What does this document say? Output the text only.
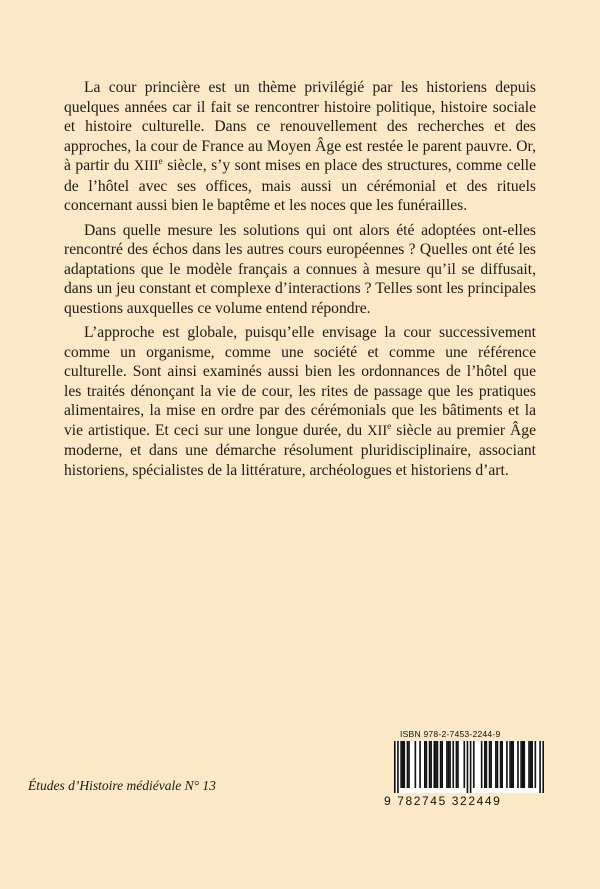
La cour princière est un thème privilégié par les historiens depuis quelques années car il fait se rencontrer histoire politique, histoire sociale et histoire culturelle. Dans ce renouvellement des recherches et des approches, la cour de France au Moyen Âge est restée le parent pauvre. Or, à partir du XIIIe siècle, s’y sont mises en place des structures, comme celle de l’hôtel avec ses offices, mais aussi un cérémonial et des rituels concernant aussi bien le baptême et les noces que les funérailles.

Dans quelle mesure les solutions qui ont alors été adoptées ont-elles rencontré des échos dans les autres cours européennes ? Quelles ont été les adaptations que le modèle français a connues à mesure qu’il se diffusait, dans un jeu constant et complexe d’interactions ? Telles sont les principales questions auxquelles ce volume entend répondre.

L’approche est globale, puisqu’elle envisage la cour successivement comme un organisme, comme une société et comme une référence culturelle. Sont ainsi examinés aussi bien les ordonnances de l’hôtel que les traités dénonçant la vie de cour, les rites de passage que les pratiques alimentaires, la mise en ordre par des cérémonials que les bâtiments et la vie artistique. Et ceci sur une longue durée, du XIIe siècle au premier Âge moderne, et dans une démarche résolument pluridisciplinaire, associant historiens, spécialistes de la littérature, archéologues et historiens d’art.

Études d’Histoire médiévale N° 13
ISBN 978-2-7453-2244-9
9 782745 322449
